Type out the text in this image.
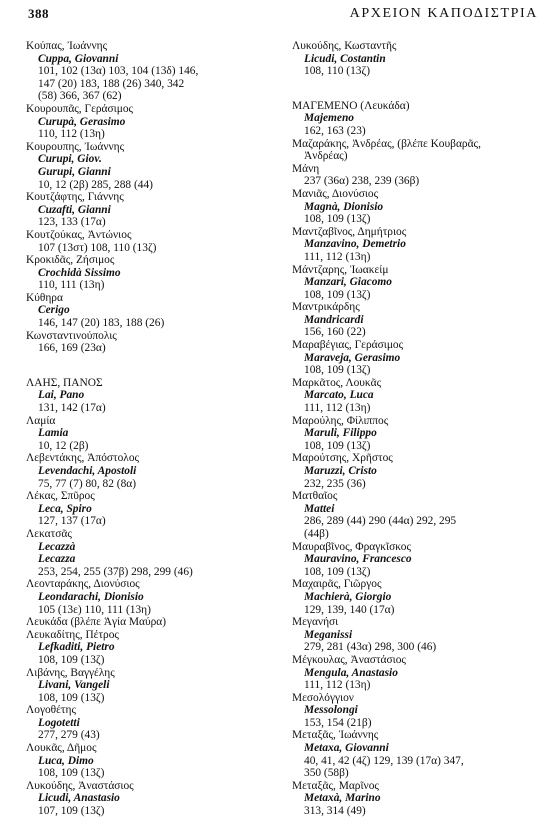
388	ΑΡΧΕΙΟΝ ΚΑΠΟΔΙΣΤΡΙΑ
Κούπας, Ἰωάννης
Cuppa, Giovanni
101, 102 (13α) 103, 104 (13δ) 146,
147 (20) 183, 188 (26) 340, 342
(58) 366, 367 (62)
Κουρουπᾶς, Γεράσιμος
Curupà, Gerasimo
110, 112 (13η)
Κουρουπης, Ἰωάννης
Curupi, Giov.
Gurupi, Gianni
10, 12 (2β) 285, 288 (44)
Κουτζάφτης, Γιάννης
Cuzafti, Gianni
123, 133 (17α)
Κουτζούκας, Ἀντώνιος
107 (13στ) 108, 110 (13ζ)
Κροκιδᾶς, Ζήσιμος
Crochidà Sissimo
110, 111 (13η)
Κύθηρα
Cerigo
146, 147 (20) 183, 188 (26)
Κωνσταντινούπολις
166, 169 (23α)
ΛΑΗΣ, ΠΑΝΟΣ
Lai, Pano
131, 142 (17α)
Λαμία
Lamia
10, 12 (2β)
Λεβεντάκης, Ἀπόστολος
Levendachi, Apostoli
75, 77 (7) 80, 82 (8α)
Λέκας, Σπῦρος
Leca, Spiro
127, 137 (17α)
Λεκατσᾶς
Lecazzà
Lecazza
253, 254, 255 (37β) 298, 299 (46)
Λεονταράκης, Διονύσιος
Leondarachi, Dionisio
105 (13ε) 110, 111 (13η)
Λευκάδα (βλέπε Ἁγία Μαύρα)
Λευκαδίτης, Πέτρος
Lefkaditi, Pietro
108, 109 (13ζ)
Λιβάνης, Βαγγέλης
Livani, Vangeli
108, 109 (13ζ)
Λογοθέτης
Logotetti
277, 279 (43)
Λουκᾶς, Δῆμος
Luca, Dimo
108, 109 (13ζ)
Λυκούδης, Ἀναστάσιος
Licudi, Anastasio
107, 109 (13ζ)
Λυκούδης, Κωσταντῆς
Licudi, Costantin
108, 110 (13ζ)
ΜΑΓΕΜΕΝΟ (Λευκάδα)
Majemeno
162, 163 (23)
Μαζαράκης, Ἀνδρέας, (βλέπε Κουβαρᾶς,
Ἀνδρέας)
Μάνη
237 (36α) 238, 239 (36β)
Μανιᾶς, Διονύσιος
Magnà, Dionisio
108, 109 (13ζ)
Μαντζαβῖνος, Δημήτριος
Manzavino, Demetrio
111, 112 (13η)
Μάντζαρης, Ἰωακείμ
Manzari, Giacomo
108, 109 (13ζ)
Μαντρικάρδης
Mandricardi
156, 160 (22)
Μαραβέγιας, Γεράσιμος
Maraveja, Gerasimo
108, 109 (13ζ)
Μαρκᾶτος, Λουκᾶς
Marcato, Luca
111, 112 (13η)
Μαρούλης, Φίλιππος
Maruli, Filippo
108, 109 (13ζ)
Μαρούτσης, Χρῆστος
Maruzzi, Cristo
232, 235 (36)
Ματθαῖος
Mattei
286, 289 (44) 290 (44α) 292, 295
(44β)
Μαυραβῖνος, Φραγκῖσκος
Mauravino, Francesco
108, 109 (13ζ)
Μαχαιρᾶς, Γιῶργος
Machierà, Giorgio
129, 139, 140 (17α)
Μεγανήσι
Meganissi
279, 281 (43α) 298, 300 (46)
Μέγκουλας, Ἀναστάσιος
Mengula, Anastasio
111, 112 (13η)
Μεσολόγγιον
Messolongi
153, 154 (21β)
Μεταξᾶς, Ἰωάννης
Metaxa, Giovanni
40, 41, 42 (4ζ) 129, 139 (17α) 347,
350 (58β)
Μεταξᾶς, Μαρῖνος
Metaxà, Marino
313, 314 (49)
